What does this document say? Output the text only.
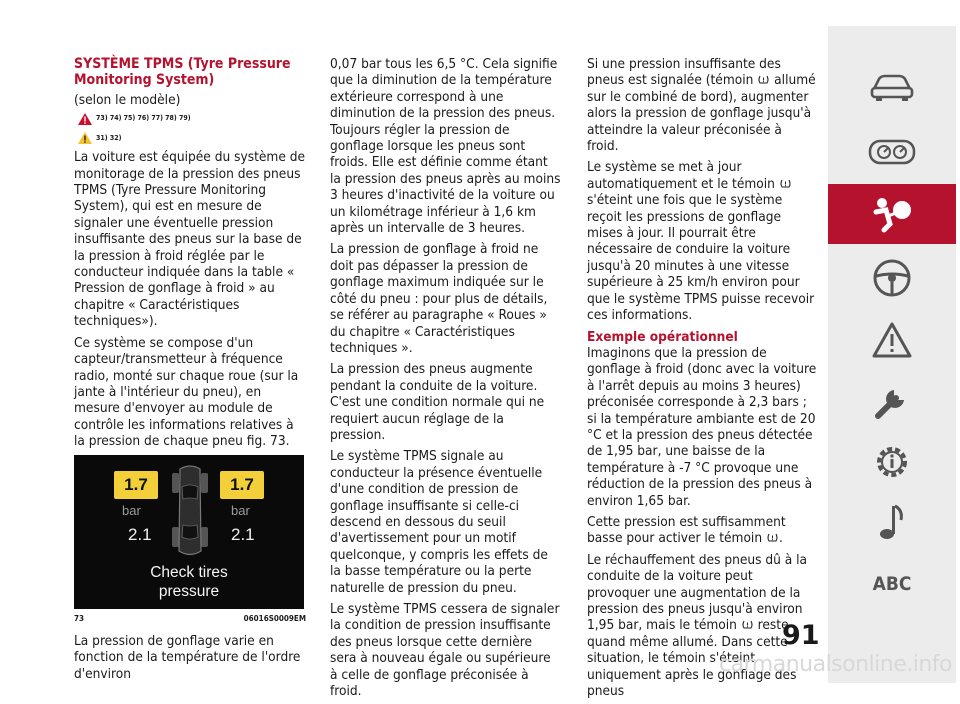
SYSTÈME TPMS (Tyre Pressure Monitoring System)

(selon le modèle)

73) 74) 75) 76) 77) 78) 79)
31) 32)

La voiture est équipée du système de monitorage de la pression des pneus TPMS (Tyre Pressure Monitoring System), qui est en mesure de signaler une éventuelle pression insuffisante des pneus sur la base de la pression à froid réglée par le conducteur indiquée dans la table « Pression de gonflage à froid » au chapitre « Caractéristiques techniques»).

Ce système se compose d'un capteur/transmetteur à fréquence radio, monté sur chaque roue (sur la jante à l'intérieur du pneu), en mesure d'envoyer au module de contrôle les informations relatives à la pression de chaque pneu fig. 73.

1.7	1.7
bar	bar
2.1	2.1
Check tires
pressure
73	06016S0009EM

La pression de gonflage varie en fonction de la température de l'ordre d'environ

0,07 bar tous les 6,5 °C. Cela signifie que la diminution de la température extérieure correspond à une diminution de la pression des pneus. Toujours régler la pression de gonflage lorsque les pneus sont froids. Elle est définie comme étant la pression des pneus après au moins 3 heures d'inactivité de la voiture ou un kilométrage inférieur à 1,6 km après un intervalle de 3 heures.

La pression de gonflage à froid ne doit pas dépasser la pression de gonflage maximum indiquée sur le côté du pneu : pour plus de détails, se référer au paragraphe « Roues » du chapitre « Caractéristiques techniques ».

La pression des pneus augmente pendant la conduite de la voiture. C'est une condition normale qui ne requiert aucun réglage de la pression.

Le système TPMS signale au conducteur la présence éventuelle d'une condition de pression de gonflage insuffisante si celle-ci descend en dessous du seuil d'avertissement pour un motif quelconque, y compris les effets de la basse température ou la perte naturelle de pression du pneu.

Le système TPMS cessera de signaler la condition de pression insuffisante des pneus lorsque cette dernière sera à nouveau égale ou supérieure à celle de gonflage préconisée à froid.

Si une pression insuffisante des pneus est signalée (témoin allumé sur le combiné de bord), augmenter alors la pression de gonflage jusqu'à atteindre la valeur préconisée à froid.

Le système se met à jour automatiquement et le témoin  s'éteint une fois que le système reçoit les pressions de gonflage mises à jour. Il pourrait être nécessaire de conduire la voiture jusqu'à 20 minutes à une vitesse supérieure à 25 km/h environ pour que le système TPMS puisse recevoir ces informations.

Exemple opérationnel

Imaginons que la pression de gonflage à froid (donc avec la voiture à l'arrêt depuis au moins 3 heures) préconisée corresponde à 2,3 bars ; si la température ambiante est de 20 °C et la pression des pneus détectée de 1,95 bar, une baisse de la température à -7 °C provoque une réduction de la pression des pneus à environ 1,65 bar.

Cette pression est suffisamment basse pour activer le témoin .

Le réchauffement des pneus dû à la conduite de la voiture peut provoquer une augmentation de la pression des pneus jusqu'à environ 1,95 bar, mais le témoin reste quand même allumé. Dans cette situation, le témoin s'éteint uniquement après le gonflage des pneus

ABC
91
carmanualsonline.info
